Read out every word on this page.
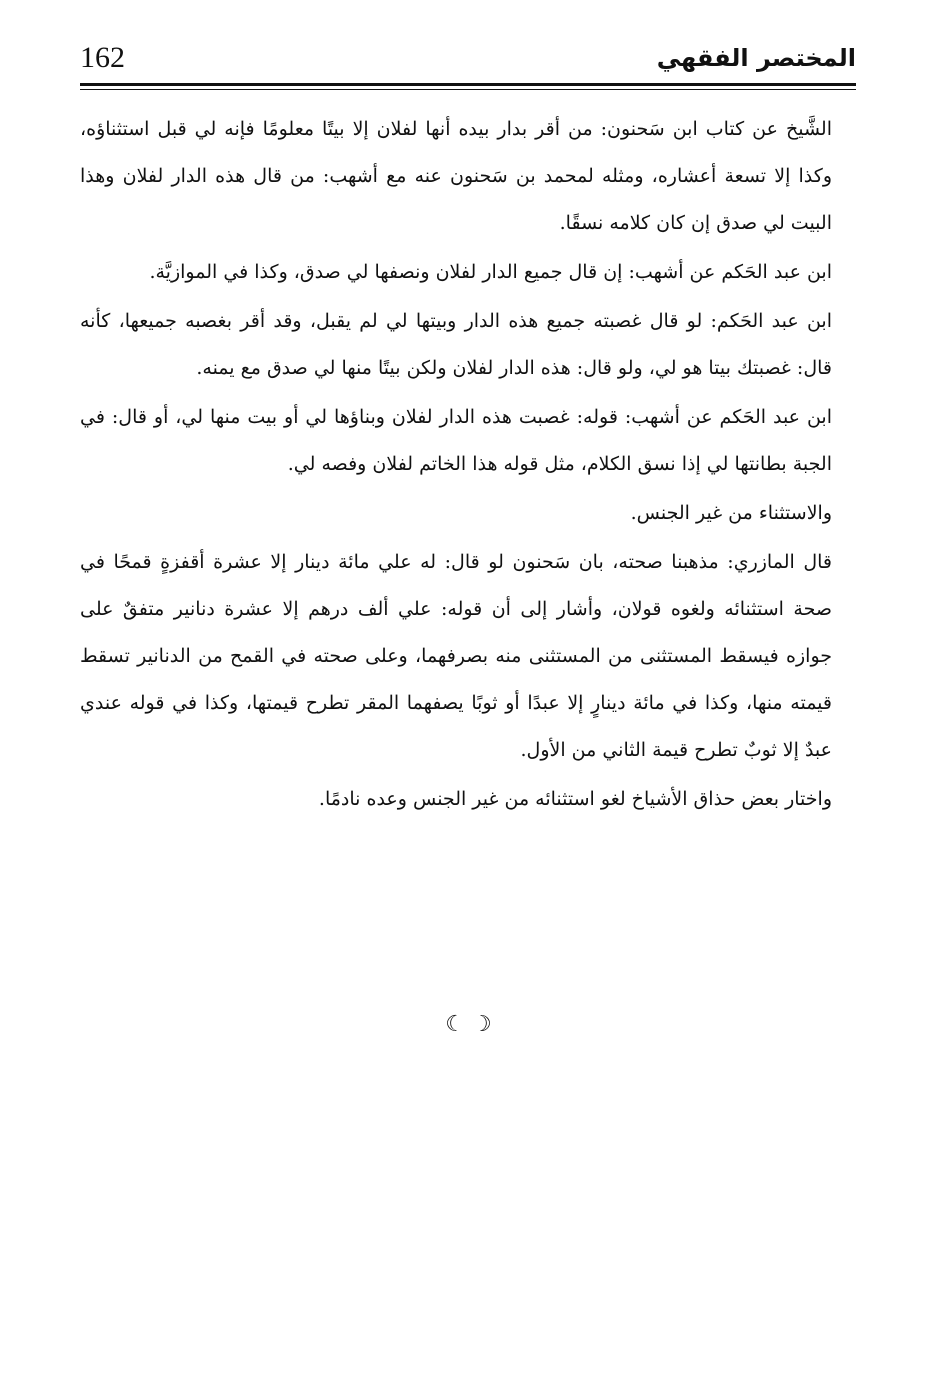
162	المختصر الفقهي

الشَّيخ عن كتاب ابن سَحنون: من أقر بدار بيده أنها لفلان إلا بيتًا معلومًا فإنه لي قبل استثناؤه، وكذا إلا تسعة أعشاره، ومثله لمحمد بن سَحنون عنه مع أشهب: من قال هذه الدار لفلان وهذا البيت لي صدق إن كان كلامه نسقًا.

ابن عبد الحَكم عن أشهب: إن قال جميع الدار لفلان ونصفها لي صدق، وكذا في الموازيَّة.

ابن عبد الحَكم: لو قال غصبته جميع هذه الدار وبيتها لي لم يقبل، وقد أقر بغصبه جميعها، كأنه قال: غصبتك بيتا هو لي، ولو قال: هذه الدار لفلان ولكن بيتًا منها لي صدق مع يمنه.

ابن عبد الحَكم عن أشهب: قوله: غصبت هذه الدار لفلان وبناؤها لي أو بيت منها لي، أو قال: في الجبة بطانتها لي إذا نسق الكلام، مثل قوله هذا الخاتم لفلان وفصه لي.

والاستثناء من غير الجنس.

قال المازري: مذهبنا صحته، بان سَحنون لو قال: له علي مائة دينار إلا عشرة أقفزةٍ قمحًا في صحة استثنائه ولغوه قولان، وأشار إلى أن قوله: علي ألف درهم إلا عشرة دنانير متفقٌ على جوازه فيسقط المستثنى من المستثنى منه بصرفهما، وعلى صحته في القمح من الدنانير تسقط قيمته منها، وكذا في مائة دينارٍ إلا عبدًا أو ثوبًا يصفهما المقر تطرح قيمتها، وكذا في قوله عندي عبدٌ إلا ثوبٌ تطرح قيمة الثاني من الأول.

واختار بعض حذاق الأشياخ لغو استثنائه من غير الجنس وعده نادمًا.

☾ ☽
